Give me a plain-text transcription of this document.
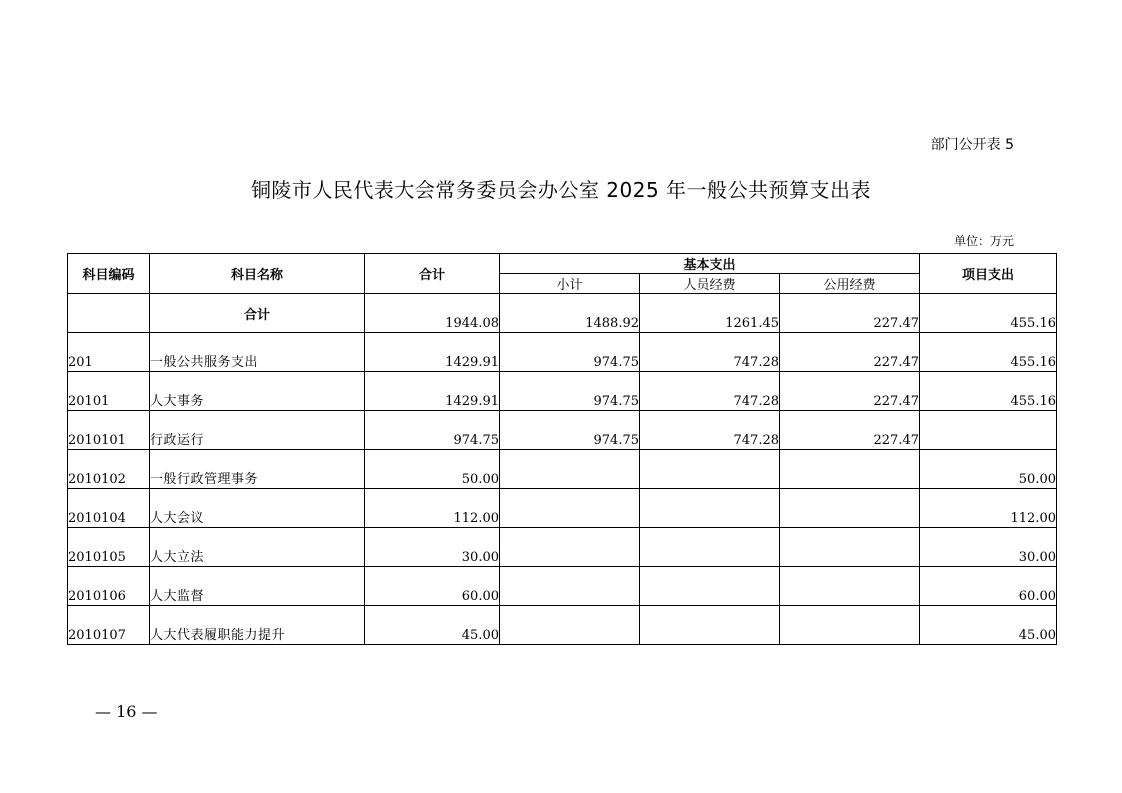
部门公开表 5
铜陵市人民代表大会常务委员会办公室 2025 年一般公共预算支出表
单位：万元
科目编码	科目名称	合计	基本支出			项目支出
			小计	人员经费	公用经费	
	合计	1944.08	1488.92	1261.45	227.47	455.16
201	一般公共服务支出	1429.91	974.75	747.28	227.47	455.16
20101	人大事务	1429.91	974.75	747.28	227.47	455.16
2010101	行政运行	974.75	974.75	747.28	227.47	
2010102	一般行政管理事务	50.00				50.00
2010104	人大会议	112.00				112.00
2010105	人大立法	30.00				30.00
2010106	人大监督	60.00				60.00
2010107	人大代表履职能力提升	45.00				45.00
— 16 —
